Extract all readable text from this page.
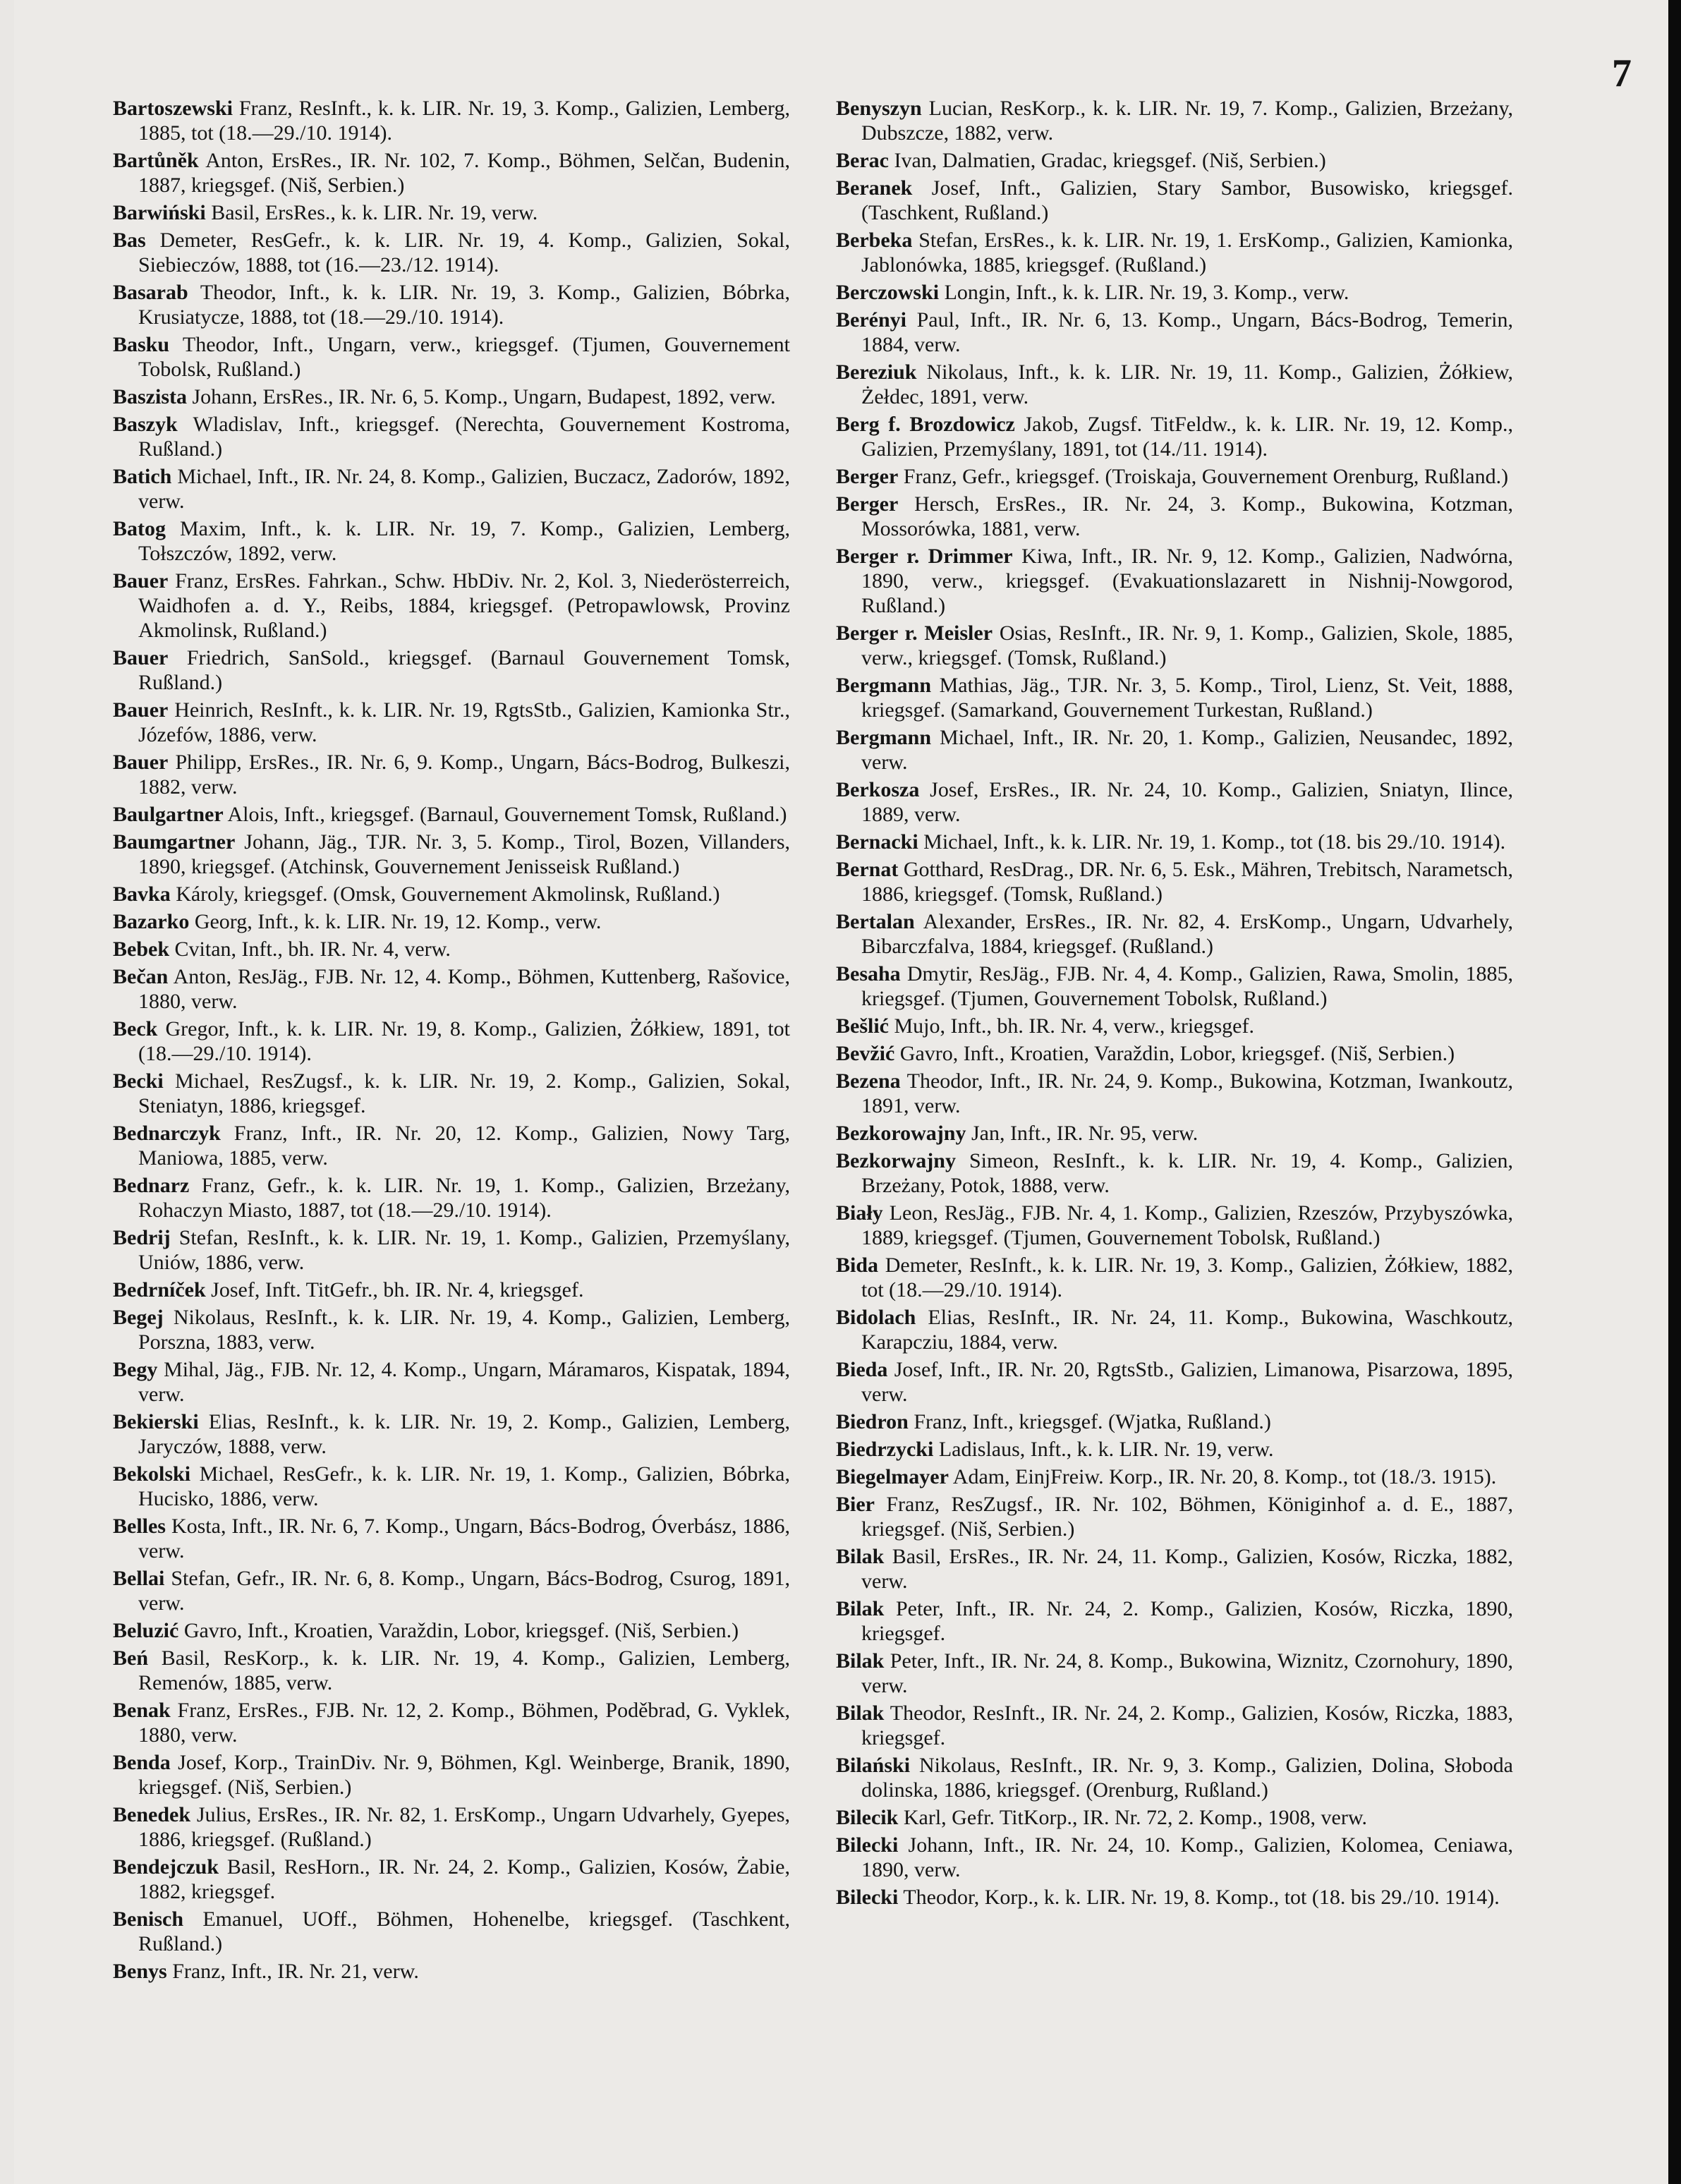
7

Bartoszewski Franz, ResInft., k. k. LIR. Nr. 19, 3. Komp., Galizien, Lemberg, 1885, tot (18.—29./10. 1914).

Bartůněk Anton, ErsRes., IR. Nr. 102, 7. Komp., Böhmen, Selčan, Budenin, 1887, kriegsgef. (Niš, Serbien.)

Barwiński Basil, ErsRes., k. k. LIR. Nr. 19, verw.

Bas Demeter, ResGefr., k. k. LIR. Nr. 19, 4. Komp., Galizien, Sokal, Siebieczów, 1888, tot (16.—23./12. 1914).

Basarab Theodor, Inft., k. k. LIR. Nr. 19, 3. Komp., Galizien, Bóbrka, Krusiatycze, 1888, tot (18.—29./10. 1914).

Basku Theodor, Inft., Ungarn, verw., kriegsgef. (Tjumen, Gouvernement Tobolsk, Rußland.)

Baszista Johann, ErsRes., IR. Nr. 6, 5. Komp., Ungarn, Budapest, 1892, verw.

Baszyk Wladislav, Inft., kriegsgef. (Nerechta, Gouvernement Kostroma, Rußland.)

Batich Michael, Inft., IR. Nr. 24, 8. Komp., Galizien, Buczacz, Zadorów, 1892, verw.

Batog Maxim, Inft., k. k. LIR. Nr. 19, 7. Komp., Galizien, Lemberg, Tołszczów, 1892, verw.

Bauer Franz, ErsRes. Fahrkan., Schw. HbDiv. Nr. 2, Kol. 3, Niederösterreich, Waidhofen a. d. Y., Reibs, 1884, kriegsgef. (Petropawlowsk, Provinz Akmolinsk, Rußland.)

Bauer Friedrich, SanSold., kriegsgef. (Barnaul Gouvernement Tomsk, Rußland.)

Bauer Heinrich, ResInft., k. k. LIR. Nr. 19, RgtsStb., Galizien, Kamionka Str., Józefów, 1886, verw.

Bauer Philipp, ErsRes., IR. Nr. 6, 9. Komp., Ungarn, Bács-Bodrog, Bulkeszi, 1882, verw.

Baulgartner Alois, Inft., kriegsgef. (Barnaul, Gouvernement Tomsk, Rußland.)

Baumgartner Johann, Jäg., TJR. Nr. 3, 5. Komp., Tirol, Bozen, Villanders, 1890, kriegsgef. (Atchinsk, Gouvernement Jenisseisk Rußland.)

Bavka Károly, kriegsgef. (Omsk, Gouvernement Akmolinsk, Rußland.)

Bazarko Georg, Inft., k. k. LIR. Nr. 19, 12. Komp., verw.

Bebek Cvitan, Inft., bh. IR. Nr. 4, verw.

Bečan Anton, ResJäg., FJB. Nr. 12, 4. Komp., Böhmen, Kuttenberg, Rašovice, 1880, verw.

Beck Gregor, Inft., k. k. LIR. Nr. 19, 8. Komp., Galizien, Żółkiew, 1891, tot (18.—29./10. 1914).

Becki Michael, ResZugsf., k. k. LIR. Nr. 19, 2. Komp., Galizien, Sokal, Steniatyn, 1886, kriegsgef.

Bednarczyk Franz, Inft., IR. Nr. 20, 12. Komp., Galizien, Nowy Targ, Maniowa, 1885, verw.

Bednarz Franz, Gefr., k. k. LIR. Nr. 19, 1. Komp., Galizien, Brzeżany, Rohaczyn Miasto, 1887, tot (18.—29./10. 1914).

Bedrij Stefan, ResInft., k. k. LIR. Nr. 19, 1. Komp., Galizien, Przemyślany, Uniów, 1886, verw.

Bedrníček Josef, Inft. TitGefr., bh. IR. Nr. 4, kriegsgef.

Begej Nikolaus, ResInft., k. k. LIR. Nr. 19, 4. Komp., Galizien, Lemberg, Porszna, 1883, verw.

Begy Mihal, Jäg., FJB. Nr. 12, 4. Komp., Ungarn, Máramaros, Kispatak, 1894, verw.

Bekierski Elias, ResInft., k. k. LIR. Nr. 19, 2. Komp., Galizien, Lemberg, Jaryczów, 1888, verw.

Bekolski Michael, ResGefr., k. k. LIR. Nr. 19, 1. Komp., Galizien, Bóbrka, Hucisko, 1886, verw.

Belles Kosta, Inft., IR. Nr. 6, 7. Komp., Ungarn, Bács-Bodrog, Óverbász, 1886, verw.

Bellai Stefan, Gefr., IR. Nr. 6, 8. Komp., Ungarn, Bács-Bodrog, Csurog, 1891, verw.

Beluzić Gavro, Inft., Kroatien, Varaždin, Lobor, kriegsgef. (Niš, Serbien.)

Beń Basil, ResKorp., k. k. LIR. Nr. 19, 4. Komp., Galizien, Lemberg, Remenów, 1885, verw.

Benak Franz, ErsRes., FJB. Nr. 12, 2. Komp., Böhmen, Poděbrad, G. Vyklek, 1880, verw.

Benda Josef, Korp., TrainDiv. Nr. 9, Böhmen, Kgl. Weinberge, Branik, 1890, kriegsgef. (Niš, Serbien.)

Benedek Julius, ErsRes., IR. Nr. 82, 1. ErsKomp., Ungarn Udvarhely, Gyepes, 1886, kriegsgef. (Rußland.)

Bendejczuk Basil, ResHorn., IR. Nr. 24, 2. Komp., Galizien, Kosów, Żabie, 1882, kriegsgef.

Benisch Emanuel, UOff., Böhmen, Hohenelbe, kriegsgef. (Taschkent, Rußland.)

Benys Franz, Inft., IR. Nr. 21, verw.

Benyszyn Lucian, ResKorp., k. k. LIR. Nr. 19, 7. Komp., Galizien, Brzeżany, Dubszcze, 1882, verw.

Berac Ivan, Dalmatien, Gradac, kriegsgef. (Niš, Serbien.)

Beranek Josef, Inft., Galizien, Stary Sambor, Busowisko, kriegsgef. (Taschkent, Rußland.)

Berbeka Stefan, ErsRes., k. k. LIR. Nr. 19, 1. ErsKomp., Galizien, Kamionka, Jablonówka, 1885, kriegsgef. (Rußland.)

Berczowski Longin, Inft., k. k. LIR. Nr. 19, 3. Komp., verw.

Berényi Paul, Inft., IR. Nr. 6, 13. Komp., Ungarn, Bács-Bodrog, Temerin, 1884, verw.

Bereziuk Nikolaus, Inft., k. k. LIR. Nr. 19, 11. Komp., Galizien, Żółkiew, Żełdec, 1891, verw.

Berg f. Brozdowicz Jakob, Zugsf. TitFeldw., k. k. LIR. Nr. 19, 12. Komp., Galizien, Przemyślany, 1891, tot (14./11. 1914).

Berger Franz, Gefr., kriegsgef. (Troiskaja, Gouvernement Orenburg, Rußland.)

Berger Hersch, ErsRes., IR. Nr. 24, 3. Komp., Bukowina, Kotzman, Mossorówka, 1881, verw.

Berger r. Drimmer Kiwa, Inft., IR. Nr. 9, 12. Komp., Galizien, Nadwórna, 1890, verw., kriegsgef. (Evakuationslazarett in Nishnij-Nowgorod, Rußland.)

Berger r. Meisler Osias, ResInft., IR. Nr. 9, 1. Komp., Galizien, Skole, 1885, verw., kriegsgef. (Tomsk, Rußland.)

Bergmann Mathias, Jäg., TJR. Nr. 3, 5. Komp., Tirol, Lienz, St. Veit, 1888, kriegsgef. (Samarkand, Gouvernement Turkestan, Rußland.)

Bergmann Michael, Inft., IR. Nr. 20, 1. Komp., Galizien, Neusandec, 1892, verw.

Berkosza Josef, ErsRes., IR. Nr. 24, 10. Komp., Galizien, Sniatyn, Ilince, 1889, verw.

Bernacki Michael, Inft., k. k. LIR. Nr. 19, 1. Komp., tot (18. bis 29./10. 1914).

Bernat Gotthard, ResDrag., DR. Nr. 6, 5. Esk., Mähren, Trebitsch, Narametsch, 1886, kriegsgef. (Tomsk, Rußland.)

Bertalan Alexander, ErsRes., IR. Nr. 82, 4. ErsKomp., Ungarn, Udvarhely, Bibarczfalva, 1884, kriegsgef. (Rußland.)

Besaha Dmytir, ResJäg., FJB. Nr. 4, 4. Komp., Galizien, Rawa, Smolin, 1885, kriegsgef. (Tjumen, Gouvernement Tobolsk, Rußland.)

Bešlić Mujo, Inft., bh. IR. Nr. 4, verw., kriegsgef.

Bevžić Gavro, Inft., Kroatien, Varaždin, Lobor, kriegsgef. (Niš, Serbien.)

Bezena Theodor, Inft., IR. Nr. 24, 9. Komp., Bukowina, Kotzman, Iwankoutz, 1891, verw.

Bezkorowajny Jan, Inft., IR. Nr. 95, verw.

Bezkorwajny Simeon, ResInft., k. k. LIR. Nr. 19, 4. Komp., Galizien, Brzeżany, Potok, 1888, verw.

Biały Leon, ResJäg., FJB. Nr. 4, 1. Komp., Galizien, Rzeszów, Przybyszówka, 1889, kriegsgef. (Tjumen, Gouvernement Tobolsk, Rußland.)

Bida Demeter, ResInft., k. k. LIR. Nr. 19, 3. Komp., Galizien, Żółkiew, 1882, tot (18.—29./10. 1914).

Bidolach Elias, ResInft., IR. Nr. 24, 11. Komp., Bukowina, Waschkoutz, Karapcziu, 1884, verw.

Bieda Josef, Inft., IR. Nr. 20, RgtsStb., Galizien, Limanowa, Pisarzowa, 1895, verw.

Biedron Franz, Inft., kriegsgef. (Wjatka, Rußland.)

Biedrzycki Ladislaus, Inft., k. k. LIR. Nr. 19, verw.

Biegelmayer Adam, EinjFreiw. Korp., IR. Nr. 20, 8. Komp., tot (18./3. 1915).

Bier Franz, ResZugsf., IR. Nr. 102, Böhmen, Königinhof a. d. E., 1887, kriegsgef. (Niš, Serbien.)

Bilak Basil, ErsRes., IR. Nr. 24, 11. Komp., Galizien, Kosów, Riczka, 1882, verw.

Bilak Peter, Inft., IR. Nr. 24, 2. Komp., Galizien, Kosów, Riczka, 1890, kriegsgef.

Bilak Peter, Inft., IR. Nr. 24, 8. Komp., Bukowina, Wiznitz, Czornohury, 1890, verw.

Bilak Theodor, ResInft., IR. Nr. 24, 2. Komp., Galizien, Kosów, Riczka, 1883, kriegsgef.

Bilański Nikolaus, ResInft., IR. Nr. 9, 3. Komp., Galizien, Dolina, Słoboda dolinska, 1886, kriegsgef. (Orenburg, Rußland.)

Bilecik Karl, Gefr. TitKorp., IR. Nr. 72, 2. Komp., 1908, verw.

Bilecki Johann, Inft., IR. Nr. 24, 10. Komp., Galizien, Kolomea, Ceniawa, 1890, verw.

Bilecki Theodor, Korp., k. k. LIR. Nr. 19, 8. Komp., tot (18. bis 29./10. 1914).
